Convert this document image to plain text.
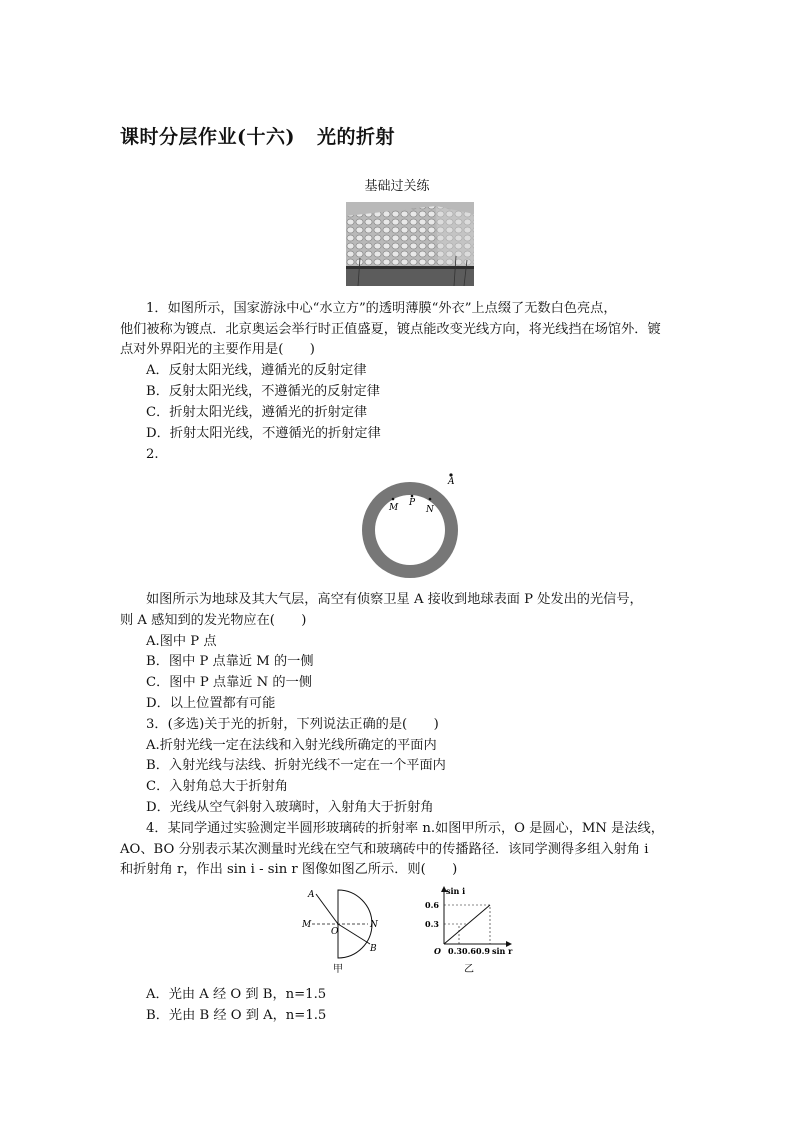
课时分层作业(十六) 光的折射
基础过关练
1．如图所示，国家游泳中心“水立方”的透明薄膜“外衣”上点缀了无数白色亮点，
他们被称为镀点．北京奥运会举行时正值盛夏，镀点能改变光线方向，将光线挡在场馆外．镀
点对外界阳光的主要作用是(　　)
A．反射太阳光线，遵循光的反射定律
B．反射太阳光线，不遵循光的反射定律
C．折射太阳光线，遵循光的折射定律
D．折射太阳光线，不遵循光的折射定律
2.
A
M P
N
如图所示为地球及其大气层，高空有侦察卫星 A 接收到地球表面 P 处发出的光信号，
则 A 感知到的发光物应在(　　)
A.图中 P 点
B．图中 P 点靠近 M 的一侧
C．图中 P 点靠近 N 的一侧
D．以上位置都有可能
3．(多选)关于光的折射，下列说法正确的是(　　)
A.折射光线一定在法线和入射光线所确定的平面内
B．入射光线与法线、折射光线不一定在一个平面内
C．入射角总大于折射角
D．光线从空气斜射入玻璃时，入射角大于折射角
4．某同学通过实验测定半圆形玻璃砖的折射率 n.如图甲所示，O 是圆心，MN 是法线，
AO、BO 分别表示某次测量时光线在空气和玻璃砖中的传播路径．该同学测得多组入射角 i
和折射角 r，作出 sin i - sin r 图像如图乙所示．则(　　)
A
M
O
N
B
甲
sin i
0.6
0.3
O 0.3 0.6 0.9 sin r
乙
A．光由 A 经 O 到 B，n=1.5
B．光由 B 经 O 到 A，n=1.5
